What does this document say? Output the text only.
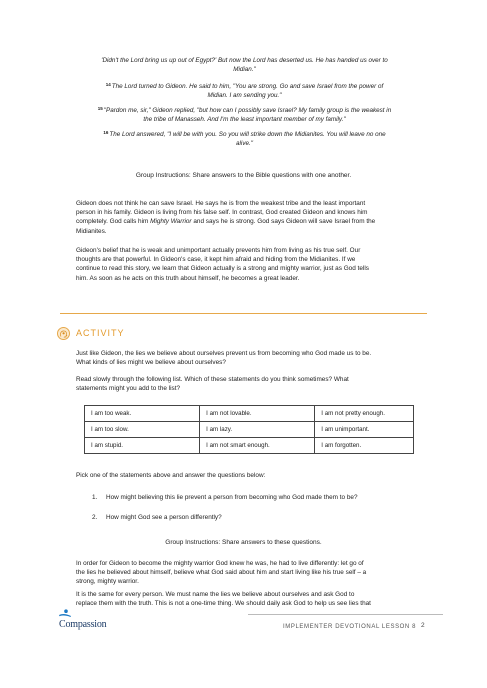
'Didn't the Lord bring us up out of Egypt?' But now the Lord has deserted us. He has handed us over to
Midian."
$^{14}$The Lord turned to Gideon. He said to him, "You are strong. Go and save Israel from the power of
Midian. I am sending you."
$^{15}$"Pardon me, sir," Gideon replied, "but how can I possibly save Israel? My family group is the weakest in
the tribe of Manasseh. And I'm the least important member of my family."
$^{16}$The Lord answered, "I will be with you. So you will strike down the Midianites. You will leave no one
alive."
Group Instructions: Share answers to the Bible questions with one another.
Gideon does not think he can save Israel. He says he is from the weakest tribe and the least important
person in his family. Gideon is living from his false self. In contrast, God created Gideon and knows him
completely. God calls him Mighty Warrior and says he is strong. God says Gideon will save Israel from the
Midianites.
Gideon's belief that he is weak and unimportant actually prevents him from living as his true self. Our
thoughts are that powerful. In Gideon's case, it kept him afraid and hiding from the Midianites. If we
continue to read this story, we learn that Gideon actually is a strong and mighty warrior, just as God tells
him. As soon as he acts on this truth about himself, he becomes a great leader.
ACTIVITY
Just like Gideon, the lies we believe about ourselves prevent us from becoming who God made us to be.
What kinds of lies might we believe about ourselves?
Read slowly through the following list. Which of these statements do you think sometimes? What
statements might you add to the list?
I am too weak.	I am not lovable.	I am not pretty enough.
I am too slow.	I am lazy.	I am unimportant.
I am stupid.	I am not smart enough.	I am forgotten.
Pick one of the statements above and answer the questions below:
1. How might believing this lie prevent a person from becoming who God made them to be?
2. How might God see a person differently?
Group Instructions: Share answers to these questions.
In order for Gideon to become the mighty warrior God knew he was, he had to live differently: let go of
the lies he believed about himself, believe what God said about him and start living like his true self – a
strong, mighty warrior.
It is the same for every person. We must name the lies we believe about ourselves and ask God to
replace them with the truth. This is not a one-time thing. We should daily ask God to help us see lies that
Compassion	IMPLEMENTER DEVOTIONAL LESSON 8 2
